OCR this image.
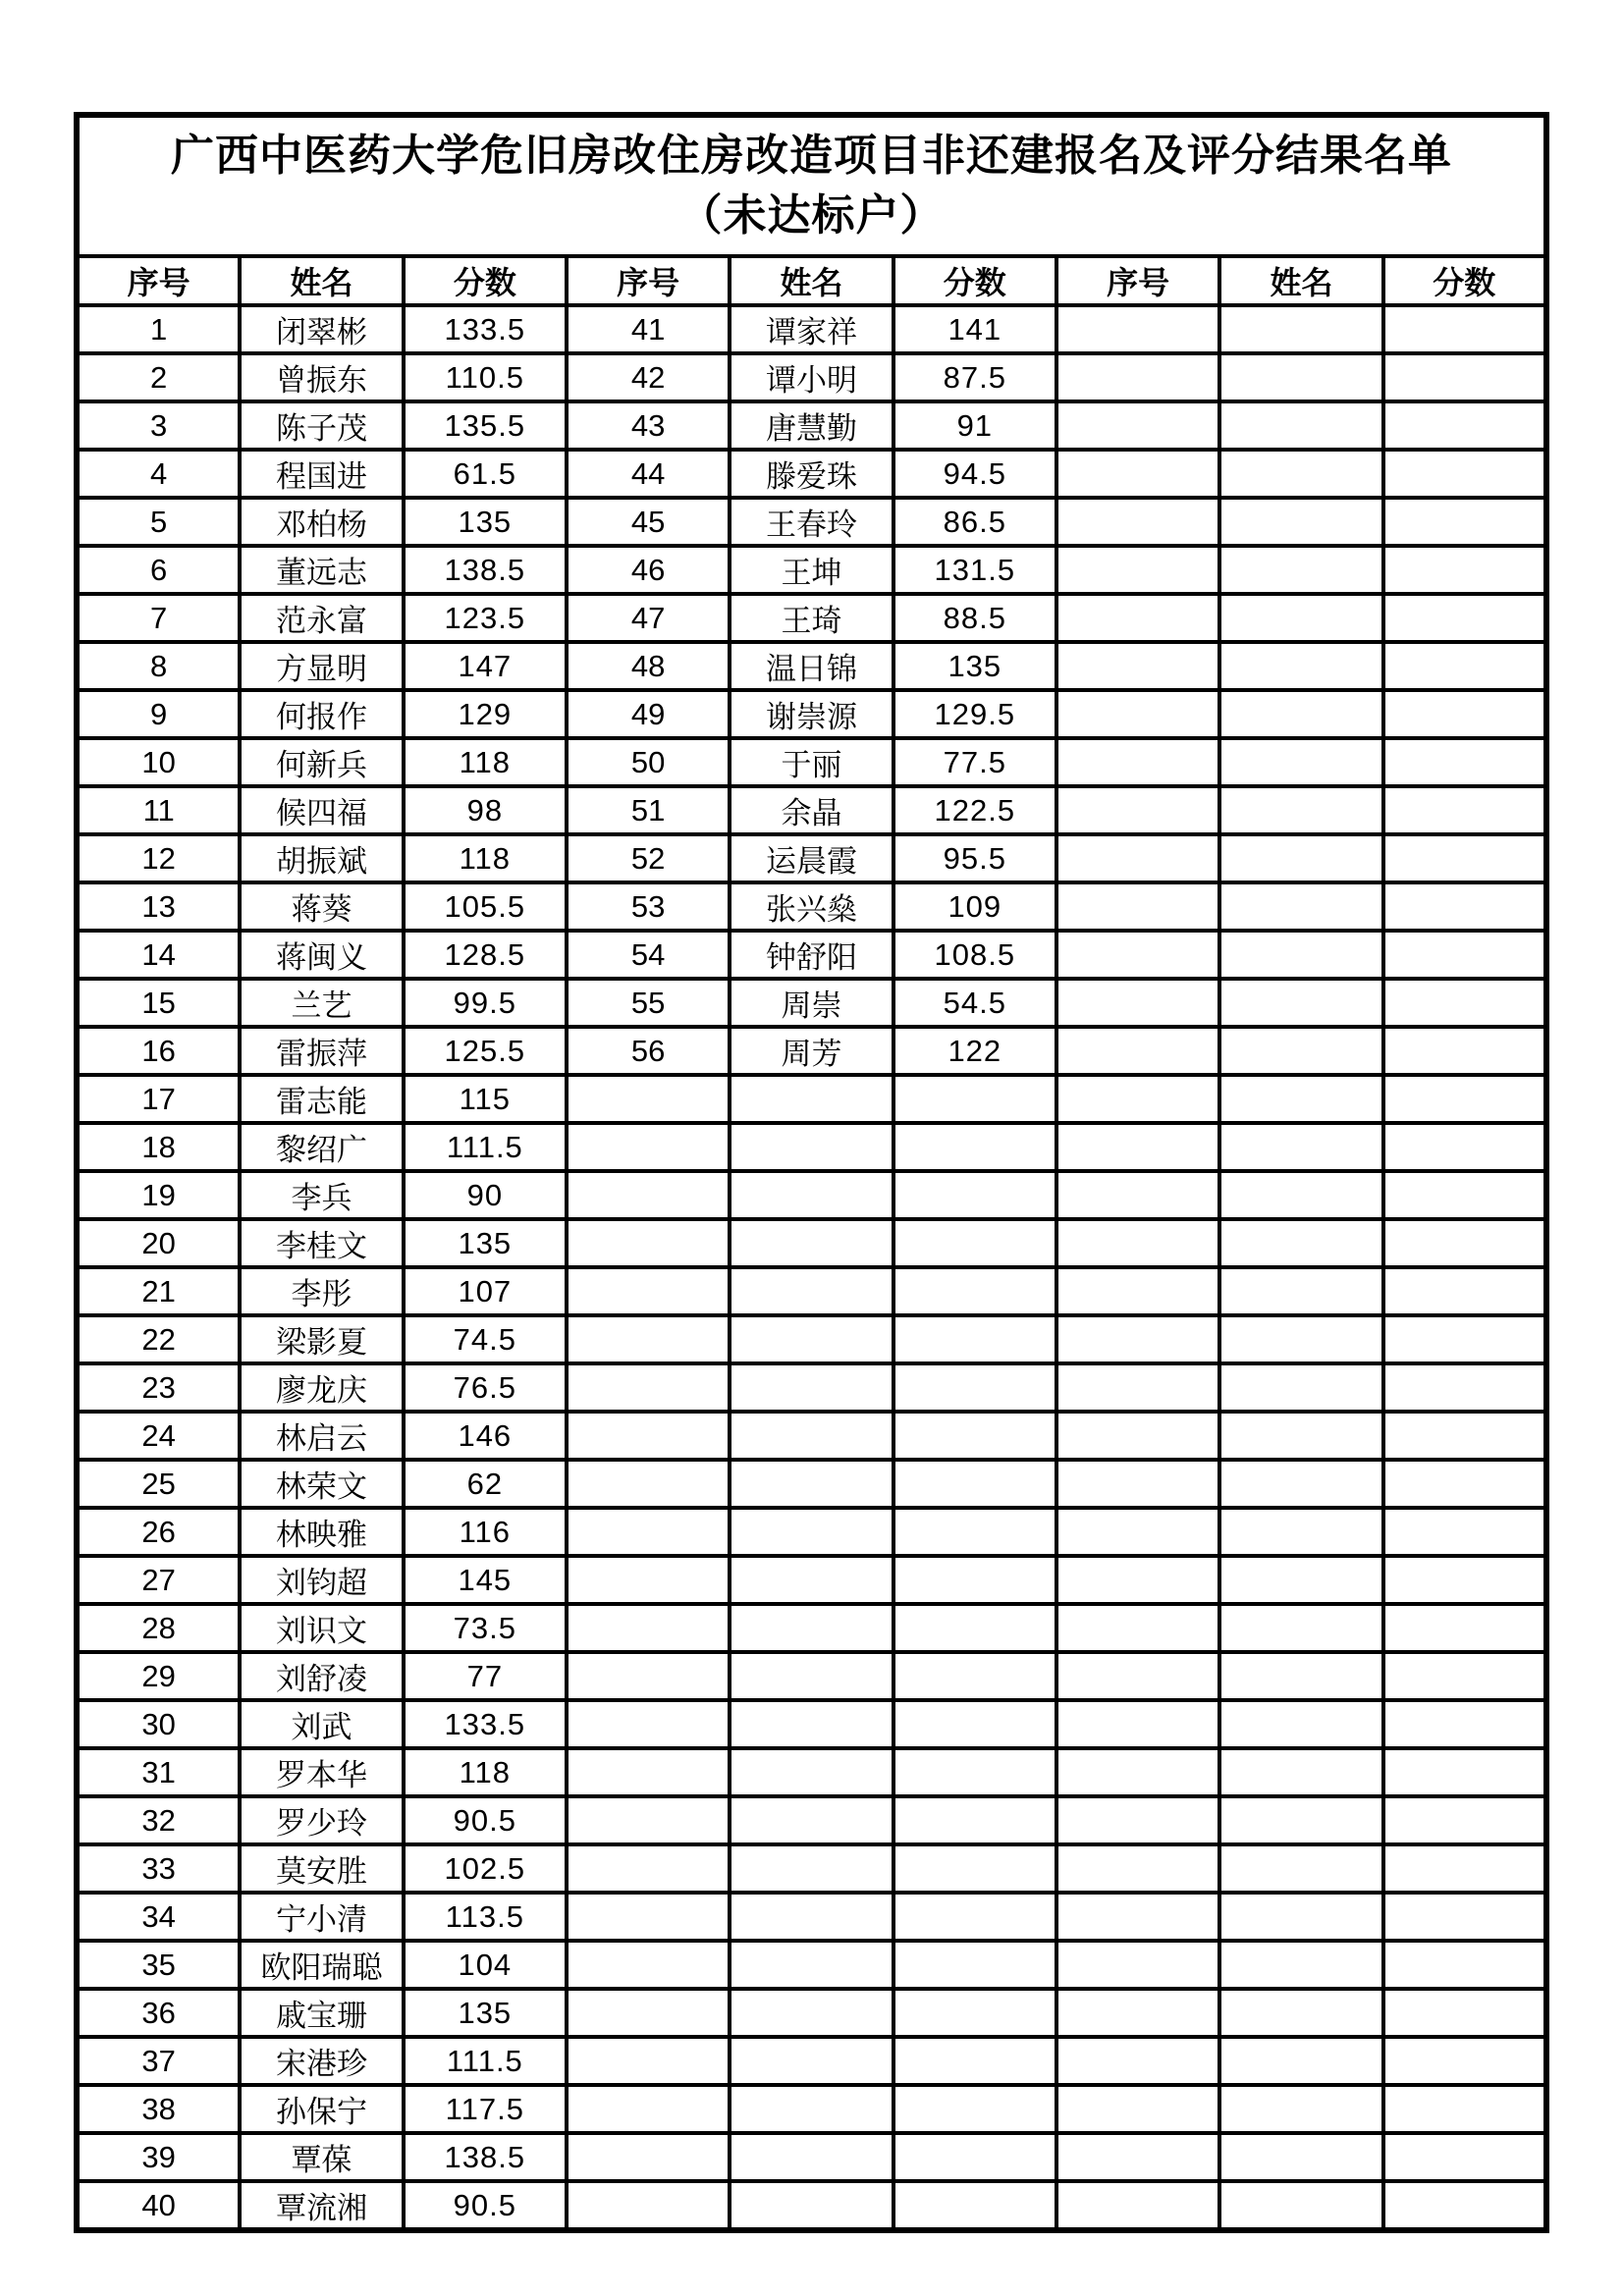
广西中医药大学危旧房改住房改造项目非还建报名及评分结果名单
（未达标户）								

序号	姓名	分数	序号	姓名	分数	序号	姓名	分数
1	闭翠彬	133.5	41	谭家祥	141			
2	曾振东	110.5	42	谭小明	87.5			
3	陈子茂	135.5	43	唐慧勤	91			
4	程国进	61.5	44	滕爱珠	94.5			
5	邓柏杨	135	45	王春玲	86.5			
6	董远志	138.5	46	王坤	131.5			
7	范永富	123.5	47	王琦	88.5			
8	方显明	147	48	温日锦	135			
9	何报作	129	49	谢崇源	129.5			
10	何新兵	118	50	于丽	77.5			
11	候四福	98	51	余晶	122.5			
12	胡振斌	118	52	运晨霞	95.5			
13	蒋葵	105.5	53	张兴燊	109			
14	蒋闽义	128.5	54	钟舒阳	108.5			
15	兰艺	99.5	55	周崇	54.5			
16	雷振萍	125.5	56	周芳	122			
17	雷志能	115						
18	黎绍广	111.5						
19	李兵	90						
20	李桂文	135						
21	李彤	107						
22	梁影夏	74.5						
23	廖龙庆	76.5						
24	林启云	146						
25	林荣文	62						
26	林映雅	116						
27	刘钧超	145						
28	刘识文	73.5						
29	刘舒凌	77						
30	刘武	133.5						
31	罗本华	118						
32	罗少玲	90.5						
33	莫安胜	102.5						
34	宁小清	113.5						
35	欧阳瑞聪	104						
36	戚宝珊	135						
37	宋港珍	111.5						
38	孙保宁	117.5						
39	覃葆	138.5						
40	覃流湘	90.5						
